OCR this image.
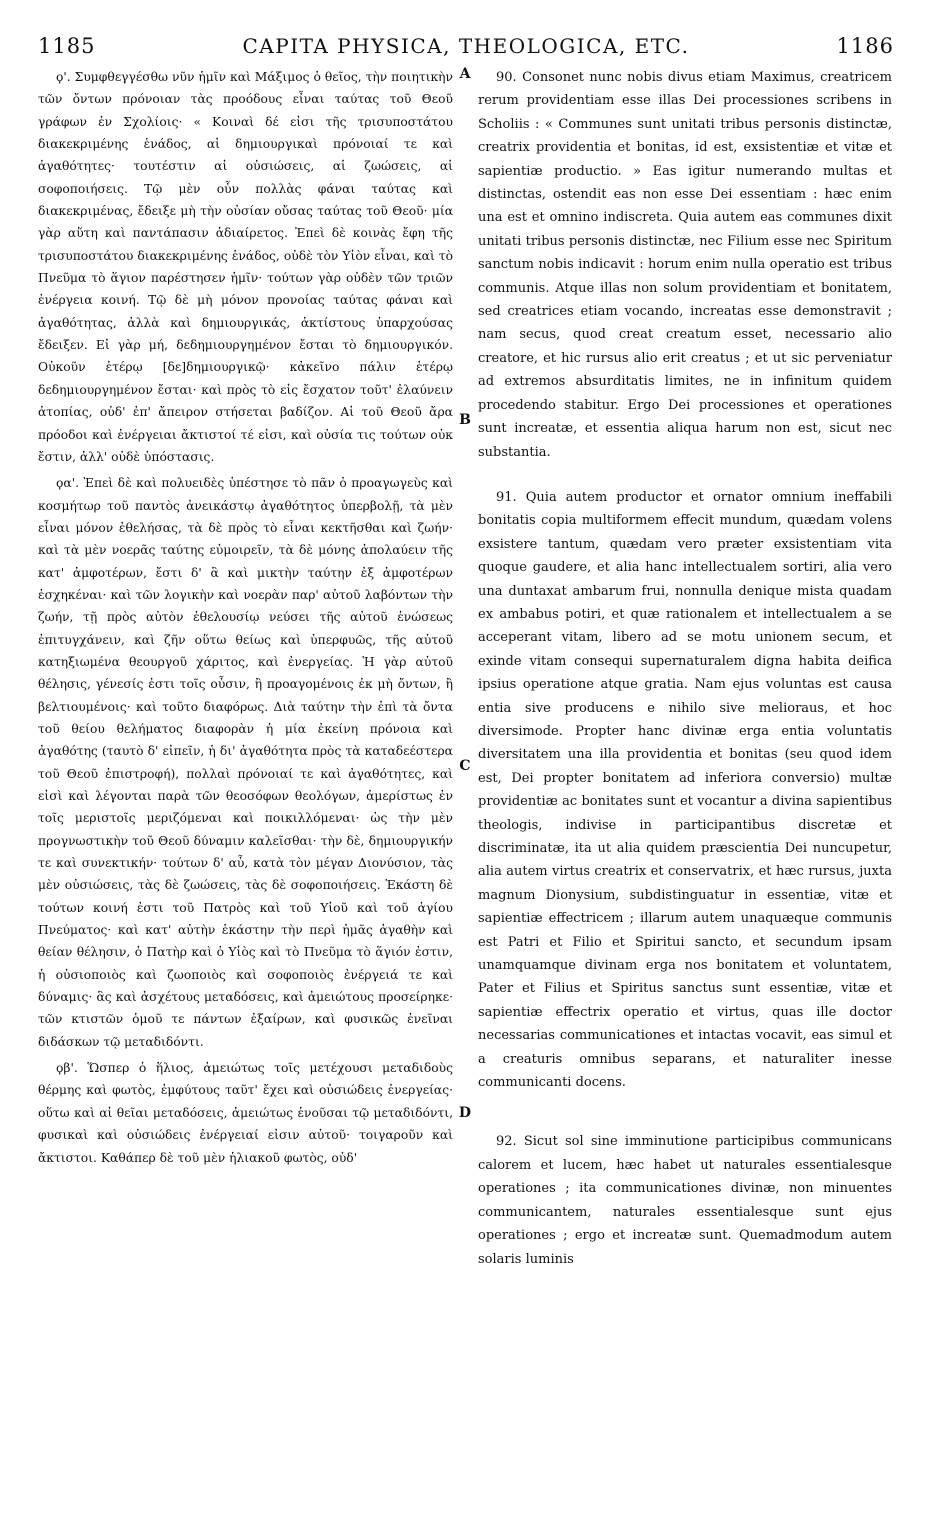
1185	CAPITA PHYSICA, THEOLOGICA, ETC.	1186

ϙ'. Συμφθεγγέσθω νῦν ἡμῖν καὶ Μάξιμος ὁ θεῖος, τὴν ποιητικὴν τῶν ὄντων πρόνοιαν τὰς προόδους εἶναι ταύτας τοῦ Θεοῦ γράφων ἐν Σχολίοις· « Κοιναὶ δέ εἰσι τῆς τρισυποστάτου διακεκριμένης ἑνάδος, αἱ δημιουργικαὶ πρόνοιαί τε καὶ ἀγαθότητες· τουτέστιν αἱ οὐσιώσεις, αἱ ζωώσεις, αἱ σοφοποιήσεις. Τῷ μὲν οὖν πολλὰς φάναι ταύτας καὶ διακεκριμένας, ἔδειξε μὴ τὴν οὐσίαν οὔσας ταύτας τοῦ Θεοῦ· μία γὰρ αὕτη καὶ παντάπασιν ἀδιαίρετος. Ἐπεὶ δὲ κοινὰς ἔφη τῆς τρισυποστάτου διακεκριμένης ἑνάδος, οὐδὲ τὸν Υἱὸν εἶναι, καὶ τὸ Πνεῦμα τὸ ἅγιον παρέστησεν ἡμῖν· τούτων γὰρ οὐδὲν τῶν τριῶν ἐνέργεια κοινή. Τῷ δὲ μὴ μόνον προνοίας ταύτας φάναι καὶ ἀγαθότητας, ἀλλὰ καὶ δημιουργικάς, ἀκτίστους ὑπαρχούσας ἔδειξεν. Εἰ γὰρ μή, δεδημιουργημένον ἔσται τὸ δημιουργικόν. Οὐκοῦν ἑτέρῳ [δε]δημιουργικῷ· κἀκεῖνο πάλιν ἑτέρῳ δεδημιουργημένον ἔσται· καὶ πρὸς τὸ εἰς ἔσχατον τοῦτ' ἐλαύνειν ἀτοπίας, οὐδ' ἐπ' ἄπειρον στήσεται βαδίζον. Αἱ τοῦ Θεοῦ ἄρα πρόοδοι καὶ ἐνέργειαι ἄκτιστοί τέ εἰσι, καὶ οὐσία τις τούτων οὐκ ἔστιν, ἀλλ' οὐδὲ ὑπόστασις.

ϙα'. Ἐπεὶ δὲ καὶ πολυειδὲς ὑπέστησε τὸ πᾶν ὁ προαγωγεὺς καὶ κοσμήτωρ τοῦ παντὸς ἀνεικάστῳ ἀγαθότητος ὑπερβολῇ, τὰ μὲν εἶναι μόνον ἐθελήσας, τὰ δὲ πρὸς τὸ εἶναι κεκτῆσθαι καὶ ζωήν· καὶ τὰ μὲν νοερᾶς ταύτης εὐμοιρεῖν, τὰ δὲ μόνης ἀπολαύειν τῆς κατ' ἀμφοτέρων, ἔστι δ' ἃ καὶ μικτὴν ταύτην ἐξ ἀμφοτέρων ἐσχηκέναι· καὶ τῶν λογικὴν καὶ νοερὰν παρ' αὐτοῦ λαβόντων τὴν ζωήν, τῇ πρὸς αὐτὸν ἐθελουσίῳ νεύσει τῆς αὐτοῦ ἑνώσεως ἐπιτυγχάνειν, καὶ ζῆν οὕτω θείως καὶ ὑπερφυῶς, τῆς αὐτοῦ κατηξιωμένα θεουργοῦ χάριτος, καὶ ἐνεργείας. Ἡ γὰρ αὐτοῦ θέλησις, γένεσίς ἐστι τοῖς οὖσιν, ἢ προαγομένοις ἐκ μὴ ὄντων, ἢ βελτιουμένοις· καὶ τοῦτο διαφόρως. Διὰ ταύτην τὴν ἐπὶ τὰ ὄντα τοῦ θείου θελήματος διαφορὰν ἡ μία ἐκείνη πρόνοια καὶ ἀγαθότης (ταυτὸ δ' εἰπεῖν, ἡ δι' ἀγαθότητα πρὸς τὰ καταδεέστερα τοῦ Θεοῦ ἐπιστροφή), πολλαὶ πρόνοιαί τε καὶ ἀγαθότητες, καὶ εἰσὶ καὶ λέγονται παρὰ τῶν θεοσόφων θεολόγων, ἀμερίστως ἐν τοῖς μεριστοῖς μεριζόμεναι καὶ ποικιλλόμεναι· ὡς τὴν μὲν προγνωστικὴν τοῦ Θεοῦ δύναμιν καλεῖσθαι· τὴν δὲ, δημιουργικήν τε καὶ συνεκτικήν· τούτων δ' αὖ, κατὰ τὸν μέγαν Διονύσιον, τὰς μὲν οὐσιώσεις, τὰς δὲ ζωώσεις, τὰς δὲ σοφοποιήσεις. Ἑκάστη δὲ τούτων κοινή ἐστι τοῦ Πατρὸς καὶ τοῦ Υἱοῦ καὶ τοῦ ἁγίου Πνεύματος· καὶ κατ' αὐτὴν ἑκάστην τὴν περὶ ἡμᾶς ἀγαθὴν καὶ θείαν θέλησιν, ὁ Πατὴρ καὶ ὁ Υἱὸς καὶ τὸ Πνεῦμα τὸ ἅγιόν ἐστιν, ἡ οὐσιοποιὸς καὶ ζωοποιὸς καὶ σοφοποιὸς ἐνέργειά τε καὶ δύναμις· ἃς καὶ ἀσχέτους μεταδόσεις, καὶ ἀμειώτους προσείρηκε· τῶν κτιστῶν ὁμοῦ τε πάντων ἐξαίρων, καὶ φυσικῶς ἐνεῖναι διδάσκων τῷ μεταδιδόντι.

ϙβ'. Ὥσπερ ὁ ἥλιος, ἀμειώτως τοῖς μετέχουσι μεταδιδοὺς θέρμης καὶ φωτὸς, ἐμφύτους ταῦτ' ἔχει καὶ οὐσιώδεις ἐνεργείας· οὕτω καὶ αἱ θεῖαι μεταδόσεις, ἀμειώτως ἑνοῦσαι τῷ μεταδιδόντι, φυσικαὶ καὶ οὐσιώδεις ἐνέργειαί εἰσιν αὐτοῦ· τοιγαροῦν καὶ ἄκτιστοι. Καθάπερ δὲ τοῦ μὲν ἡλιακοῦ φωτὸς, οὐδ'

A
B
C
D

90. Consonet nunc nobis divus etiam Maximus, creatricem rerum providentiam esse illas Dei processiones scribens in Scholiis : « Communes sunt unitati tribus personis distinctæ, creatrix providentia et bonitas, id est, exsistentiæ et vitæ et sapientiæ productio. » Eas igitur numerando multas et distinctas, ostendit eas non esse Dei essentiam : hæc enim una est et omnino indiscreta. Quia autem eas communes dixit unitati tribus personis distinctæ, nec Filium esse nec Spiritum sanctum nobis indicavit : horum enim nulla operatio est tribus communis. Atque illas non solum providentiam et bonitatem, sed creatrices etiam vocando, increatas esse demonstravit ; nam secus, quod creat creatum esset, necessario alio creatore, et hic rursus alio erit creatus ; et ut sic perveniatur ad extremos absurditatis limites, ne in infinitum quidem procedendo stabitur. Ergo Dei processiones et operationes sunt increatæ, et essentia aliqua harum non est, sicut nec substantia.

91. Quia autem productor et ornator omnium ineffabili bonitatis copia multiformem effecit mundum, quædam volens exsistere tantum, quædam vero præter exsistentiam vita quoque gaudere, et alia hanc intellectualem sortiri, alia vero una duntaxat ambarum frui, nonnulla denique mista quadam ex ambabus potiri, et quæ rationalem et intellectualem a se acceperant vitam, libero ad se motu unionem secum, et exinde vitam consequi supernaturalem digna habita deifica ipsius operatione atque gratia. Nam ejus voluntas est causa entia sive producens e nihilo sive melioraus, et hoc diversimode. Propter hanc divinæ erga entia voluntatis diversitatem una illa providentia et bonitas (seu quod idem est, Dei propter bonitatem ad inferiora conversio) multæ providentiæ ac bonitates sunt et vocantur a divina sapientibus theologis, indivise in participantibus discretæ et discriminatæ, ita ut alia quidem præscientia Dei nuncupetur, alia autem virtus creatrix et conservatrix, et hæc rursus, juxta magnum Dionysium, subdistinguatur in essentiæ, vitæ et sapientiæ effectricem ; illarum autem unaquæque communis est Patri et Filio et Spiritui sancto, et secundum ipsam unamquamque divinam erga nos bonitatem et voluntatem, Pater et Filius et Spiritus sanctus sunt essentiæ, vitæ et sapientiæ effectrix operatio et virtus, quas ille doctor necessarias communicationes et intactas vocavit, eas simul et a creaturis omnibus separans, et naturaliter inesse communicanti docens.

92. Sicut sol sine imminutione participibus communicans calorem et lucem, hæc habet ut naturales essentialesque operationes ; ita communicationes divinæ, non minuentes communicantem, naturales essentialesque sunt ejus operationes ; ergo et increatæ sunt. Quemadmodum autem solaris luminis
